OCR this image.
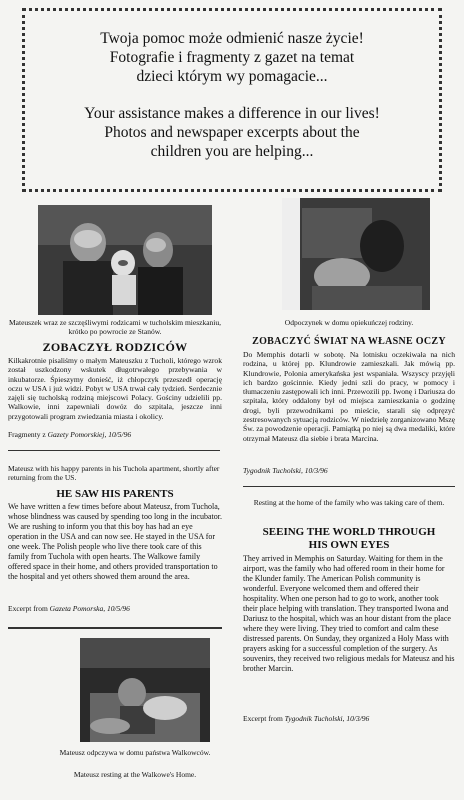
Twoja pomoc może odmienić nasze życie!
Fotografie i fragmenty z gazet na temat
dzieci którym wy pomagacie...
Your assistance makes a difference in our lives!
Photos and newspaper excerpts about the
children you are helping...
Mateuszek wraz ze szczęśliwymi rodzicami w tucholskim mieszkaniu, krótko po powrocie ze Stanów.
ZOBACZYŁ RODZICÓW
Kilkakrotnie pisaliśmy o małym Mateuszku z Tucholi, którego wzrok został uszkodzony wskutek długotrwałego przebywania w inkubatorze. Śpieszymy donieść, iż chłopczyk przeszedł operację oczu w USA i już widzi. Pobyt w USA trwał cały tydzień. Serdecznie zajęli się tucholską rodziną miejscowi Polacy. Gościny udzielili pp. Walkowie, inni zapewniali dowóz do szpitala, jeszcze inni przygotowali program zwiedzania miasta i okolicy.
Fragmenty z Gazety Pomorskiej, 10/5/96
Mateusz with his happy parents in his Tuchola apartment, shortly after returning from the US.
HE SAW HIS PARENTS
We have written a few times before about Mateusz, from Tuchola, whose blindness was caused by spending too long in the incubator. We are rushing to inform you that this boy has had an eye operation in the USA and can now see. He stayed in the USA for one week. The Polish people who live there took care of this family from Tuchola with open hearts. The Walkowe family offered space in their home, and others provided transportation to the hospital and yet others showed them around the area.
Excerpt from Gazeta Pomorska, 10/5/96
Mateusz odpczywa w domu państwa Walkowców.
Mateusz resting at the Walkowe's Home.
Odpoczynek w domu opiekuńczej rodziny.
ZOBACZYĆ ŚWIAT NA WŁASNE OCZY
Do Memphis dotarli w sobotę. Na lotnisku oczekiwała na nich rodzina, u której pp. Klundrowie zamieszkali. Jak mówią pp. Klundrowie, Polonia amerykańska jest wspaniała. Wszyscy przyjęli ich bardzo gościnnie. Kiedy jedni szli do pracy, w pomocy i tłumaczeniu zastępowali ich inni. Przewozili pp. Iwonę i Dariusza do szpitala, który oddalony był od miejsca zamieszkania o godzinę drogi, byli przewodnikami po mieście, starali się odpręzyć zestresowanych sytuacją rodziców. W niedzielę zorganizowano Mszę Św. za powodzenie operacji. Pamiątką po niej są dwa medaliki, które otrzymał Mateusz dla siebie i brata Marcina.
Tygodnik Tucholski, 10/3/96
Resting at the home of the family who was taking care of them.
SEEING THE WORLD THROUGH
HIS OWN EYES
They arrived in Memphis on Saturday. Waiting for them in the airport, was the family who had offered room in their home for the Klunder family. The American Polish community is wonderful. Everyone welcomed them and offered their hospitality. When one person had to go to work, another took their place helping with translation. They transported Iwona and Dariusz to the hospital, which was an hour distant from the place where they were living. They tried to comfort and calm these distressed parents. On Sunday, they organized a Holy Mass with prayers asking for a successful completion of the surgery. As souvenirs, they received two religious medals for Mateusz and his brother Marcin.
Excerpt from Tygodnik Tucholski, 10/3/96
